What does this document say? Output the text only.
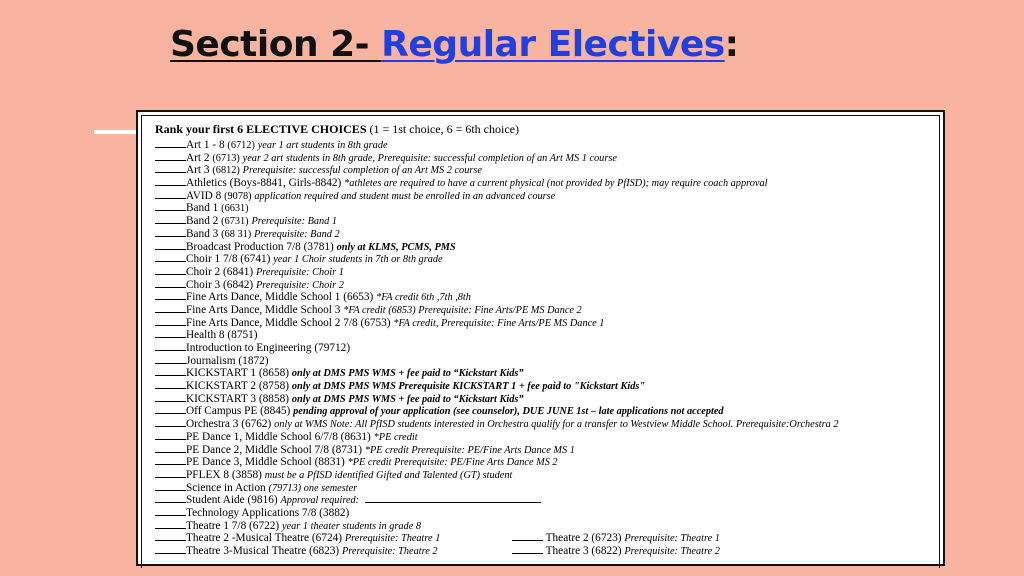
Section 2- Regular Electives:
Rank your first 6 ELECTIVE CHOICES (1 = 1st choice, 6 = 6th choice)
Art 1 - 8 (6712) year 1 art students in 8th grade
Art 2 (6713) year 2 art students in 8th grade, Prerequisite: successful completion of an Art MS 1 course
Art 3 (6812) Prerequisite: successful completion of an Art MS 2 course
Athletics (Boys-8841, Girls-8842) *athletes are required to have a current physical (not provided by PfISD); may require coach approval
AVID 8 (9078) application required and student must be enrolled in an advanced course
Band 1 (6631)
Band 2 (6731) Prerequisite: Band 1
Band 3 (68 31) Prerequisite: Band 2
Broadcast Production 7/8 (3781) only at KLMS, PCMS, PMS
Choir 1 7/8 (6741) year 1 Choir students in 7th or 8th grade
Choir 2 (6841) Prerequisite: Choir 1
Choir 3 (6842) Prerequisite: Choir 2
Fine Arts Dance, Middle School 1 (6653) *FA credit 6th ,7th ,8th
Fine Arts Dance, Middle School 3 *FA credit (6853) Prerequisite: Fine Arts/PE MS Dance 2
Fine Arts Dance, Middle School 2 7/8 (6753) *FA credit, Prerequisite: Fine Arts/PE MS Dance 1
Health 8 (8751)
Introduction to Engineering (79712)
Journalism (1872)
KICKSTART 1 (8658) only at DMS PMS WMS + fee paid to “Kickstart Kids”
KICKSTART 2 (8758) only at DMS PMS WMS Prerequisite KICKSTART 1 + fee paid to "Kickstart Kids"
KICKSTART 3 (8858) only at DMS PMS WMS + fee paid to “Kickstart Kids”
Off Campus PE (8845) pending approval of your application (see counselor), DUE JUNE 1st – late applications not accepted
Orchestra 3 (6762) only at WMS Note: All PfISD students interested in Orchestra qualify for a transfer to Westview Middle School. Prerequisite:Orchestra 2
PE Dance 1, Middle School 6/7/8 (8631) *PE credit
PE Dance 2, Middle School 7/8 (8731) *PE credit Prerequisite: PE/Fine Arts Dance MS 1
PE Dance 3, Middle School (8831) *PE credit Prerequisite: PE/Fine Arts Dance MS 2
PFLEX 8 (3858) must be a PfISD identified Gifted and Talented (GT) student
Science in Action (79713) one semester
Student Aide (9816) Approval required:
Technology Applications 7/8 (3882)
Theatre 1 7/8 (6722) year 1 theater students in grade 8
Theatre 2 -Musical Theatre (6724) Prerequisite: Theatre 1	Theatre 2 (6723) Prerequisite: Theatre 1
Theatre 3-Musical Theatre (6823) Prerequisite: Theatre 2	Theatre 3 (6822) Prerequisite: Theatre 2
